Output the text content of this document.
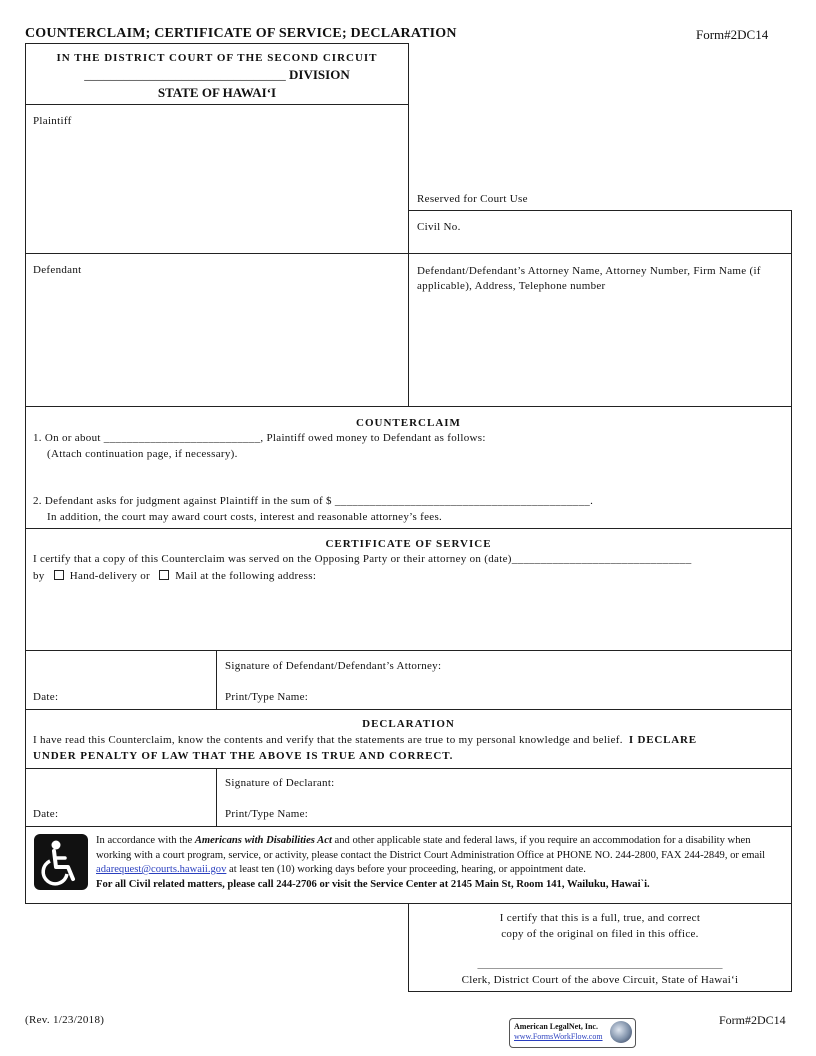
COUNTERCLAIM; CERTIFICATE OF SERVICE; DECLARATION	Form#2DC14
IN THE DISTRICT COURT OF THE SECOND CIRCUIT
_______________________________ DIVISION
STATE OF HAWAI‘I
Plaintiff
Defendant
Reserved for Court Use
Civil No.
Defendant/Defendant’s Attorney Name, Attorney Number, Firm Name (if applicable), Address, Telephone number
COUNTERCLAIM
1. On or about ___________________________, Plaintiff owed money to Defendant as follows:
(Attach continuation page, if necessary).
2. Defendant asks for judgment against Plaintiff in the sum of $ ____________________________________________.
In addition, the court may award court costs, interest and reasonable attorney’s fees.
CERTIFICATE OF SERVICE
I certify that a copy of this Counterclaim was served on the Opposing Party or their attorney on (date)_______________________________
by Hand-delivery or Mail at the following address:
Signature of Defendant/Defendant’s Attorney:
Date:	Print/Type Name:
DECLARATION
I have read this Counterclaim, know the contents and verify that the statements are true to my personal knowledge and belief. I DECLARE
UNDER PENALTY OF LAW THAT THE ABOVE IS TRUE AND CORRECT.
Signature of Declarant:
Date:	Print/Type Name:
In accordance with the Americans with Disabilities Act and other applicable state and federal laws, if you require an accommodation for a disability when working with a court program, service, or activity, please contact the District Court Administration Office at PHONE NO. 244-2800, FAX 244-2849, or email adarequest@courts.hawaii.gov at least ten (10) working days before your proceeding, hearing, or appointment date.
For all Civil related matters, please call 244-2706 or visit the Service Center at 2145 Main St, Room 141, Wailuku, Hawai`i.
I certify that this is a full, true, and correct
copy of the original on filed in this office.
_________________________________________________
Clerk, District Court of the above Circuit, State of Hawai‘i
(Rev. 1/23/2018)	Form#2DC14
American LegalNet, Inc.
www.FormsWorkFlow.com
